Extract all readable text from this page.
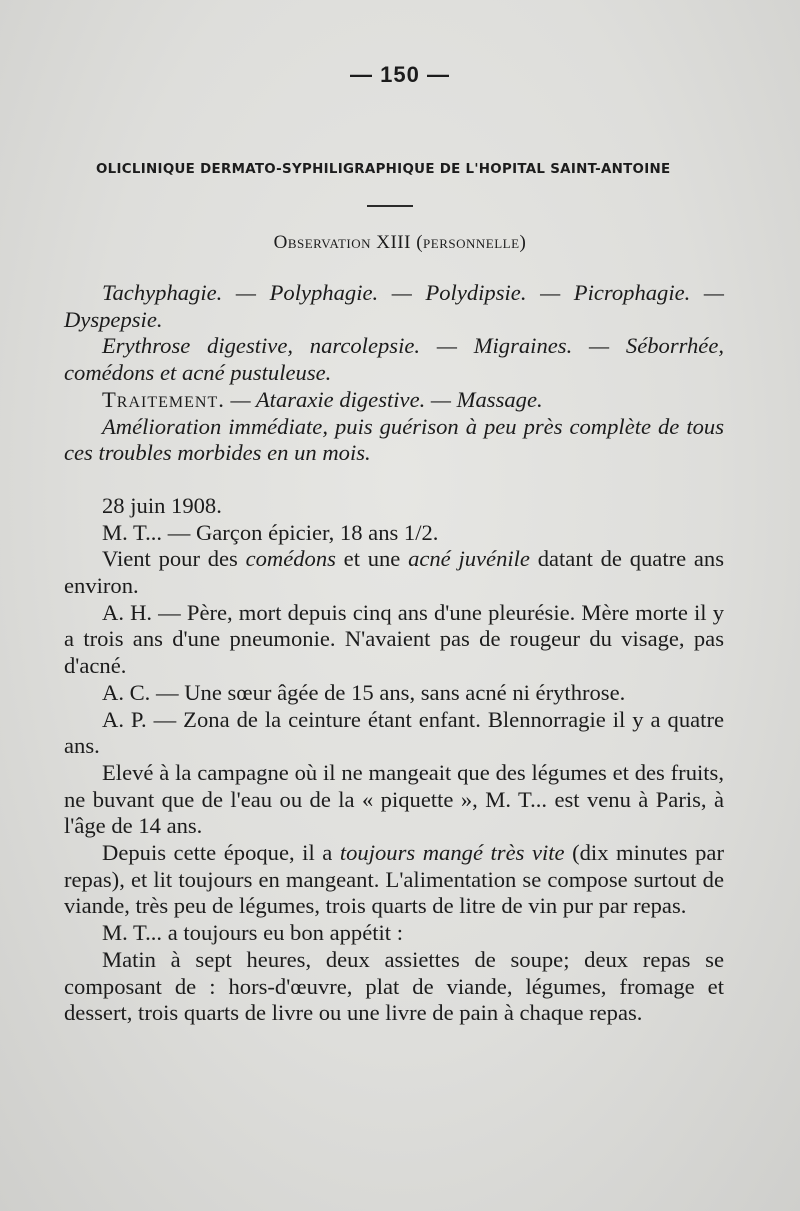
— 150 —
OLICLINIQUE DERMATO-SYPHILIGRAPHIQUE DE L'HOPITAL SAINT-ANTOINE
Observation XIII (personnelle)

Tachyphagie. — Polyphagie. — Polydipsie. — Picrophagie. — Dyspepsie.

Erythrose digestive, narcolepsie. — Migraines. — Séborrhée, comédons et acné pustuleuse.

Traitement. — Ataraxie digestive. — Massage.

Amélioration immédiate, puis guérison à peu près complète de tous ces troubles morbides en un mois.

28 juin 1908.

M. T... — Garçon épicier, 18 ans 1/2.

Vient pour des comédons et une acné juvénile datant de quatre ans environ.

A. H. — Père, mort depuis cinq ans d'une pleurésie. Mère morte il y a trois ans d'une pneumonie. N'avaient pas de rougeur du visage, pas d'acné.

A. C. — Une sœur âgée de 15 ans, sans acné ni érythrose.

A. P. — Zona de la ceinture étant enfant. Blennorragie il y a quatre ans.

Elevé à la campagne où il ne mangeait que des légumes et des fruits, ne buvant que de l'eau ou de la « piquette », M. T... est venu à Paris, à l'âge de 14 ans.

Depuis cette époque, il a toujours mangé très vite (dix minutes par repas), et lit toujours en mangeant. L'alimentation se compose surtout de viande, très peu de légumes, trois quarts de litre de vin pur par repas.

M. T... a toujours eu bon appétit :

Matin à sept heures, deux assiettes de soupe; deux repas se composant de : hors-d'œuvre, plat de viande, légumes, fromage et dessert, trois quarts de livre ou une livre de pain à chaque repas.
